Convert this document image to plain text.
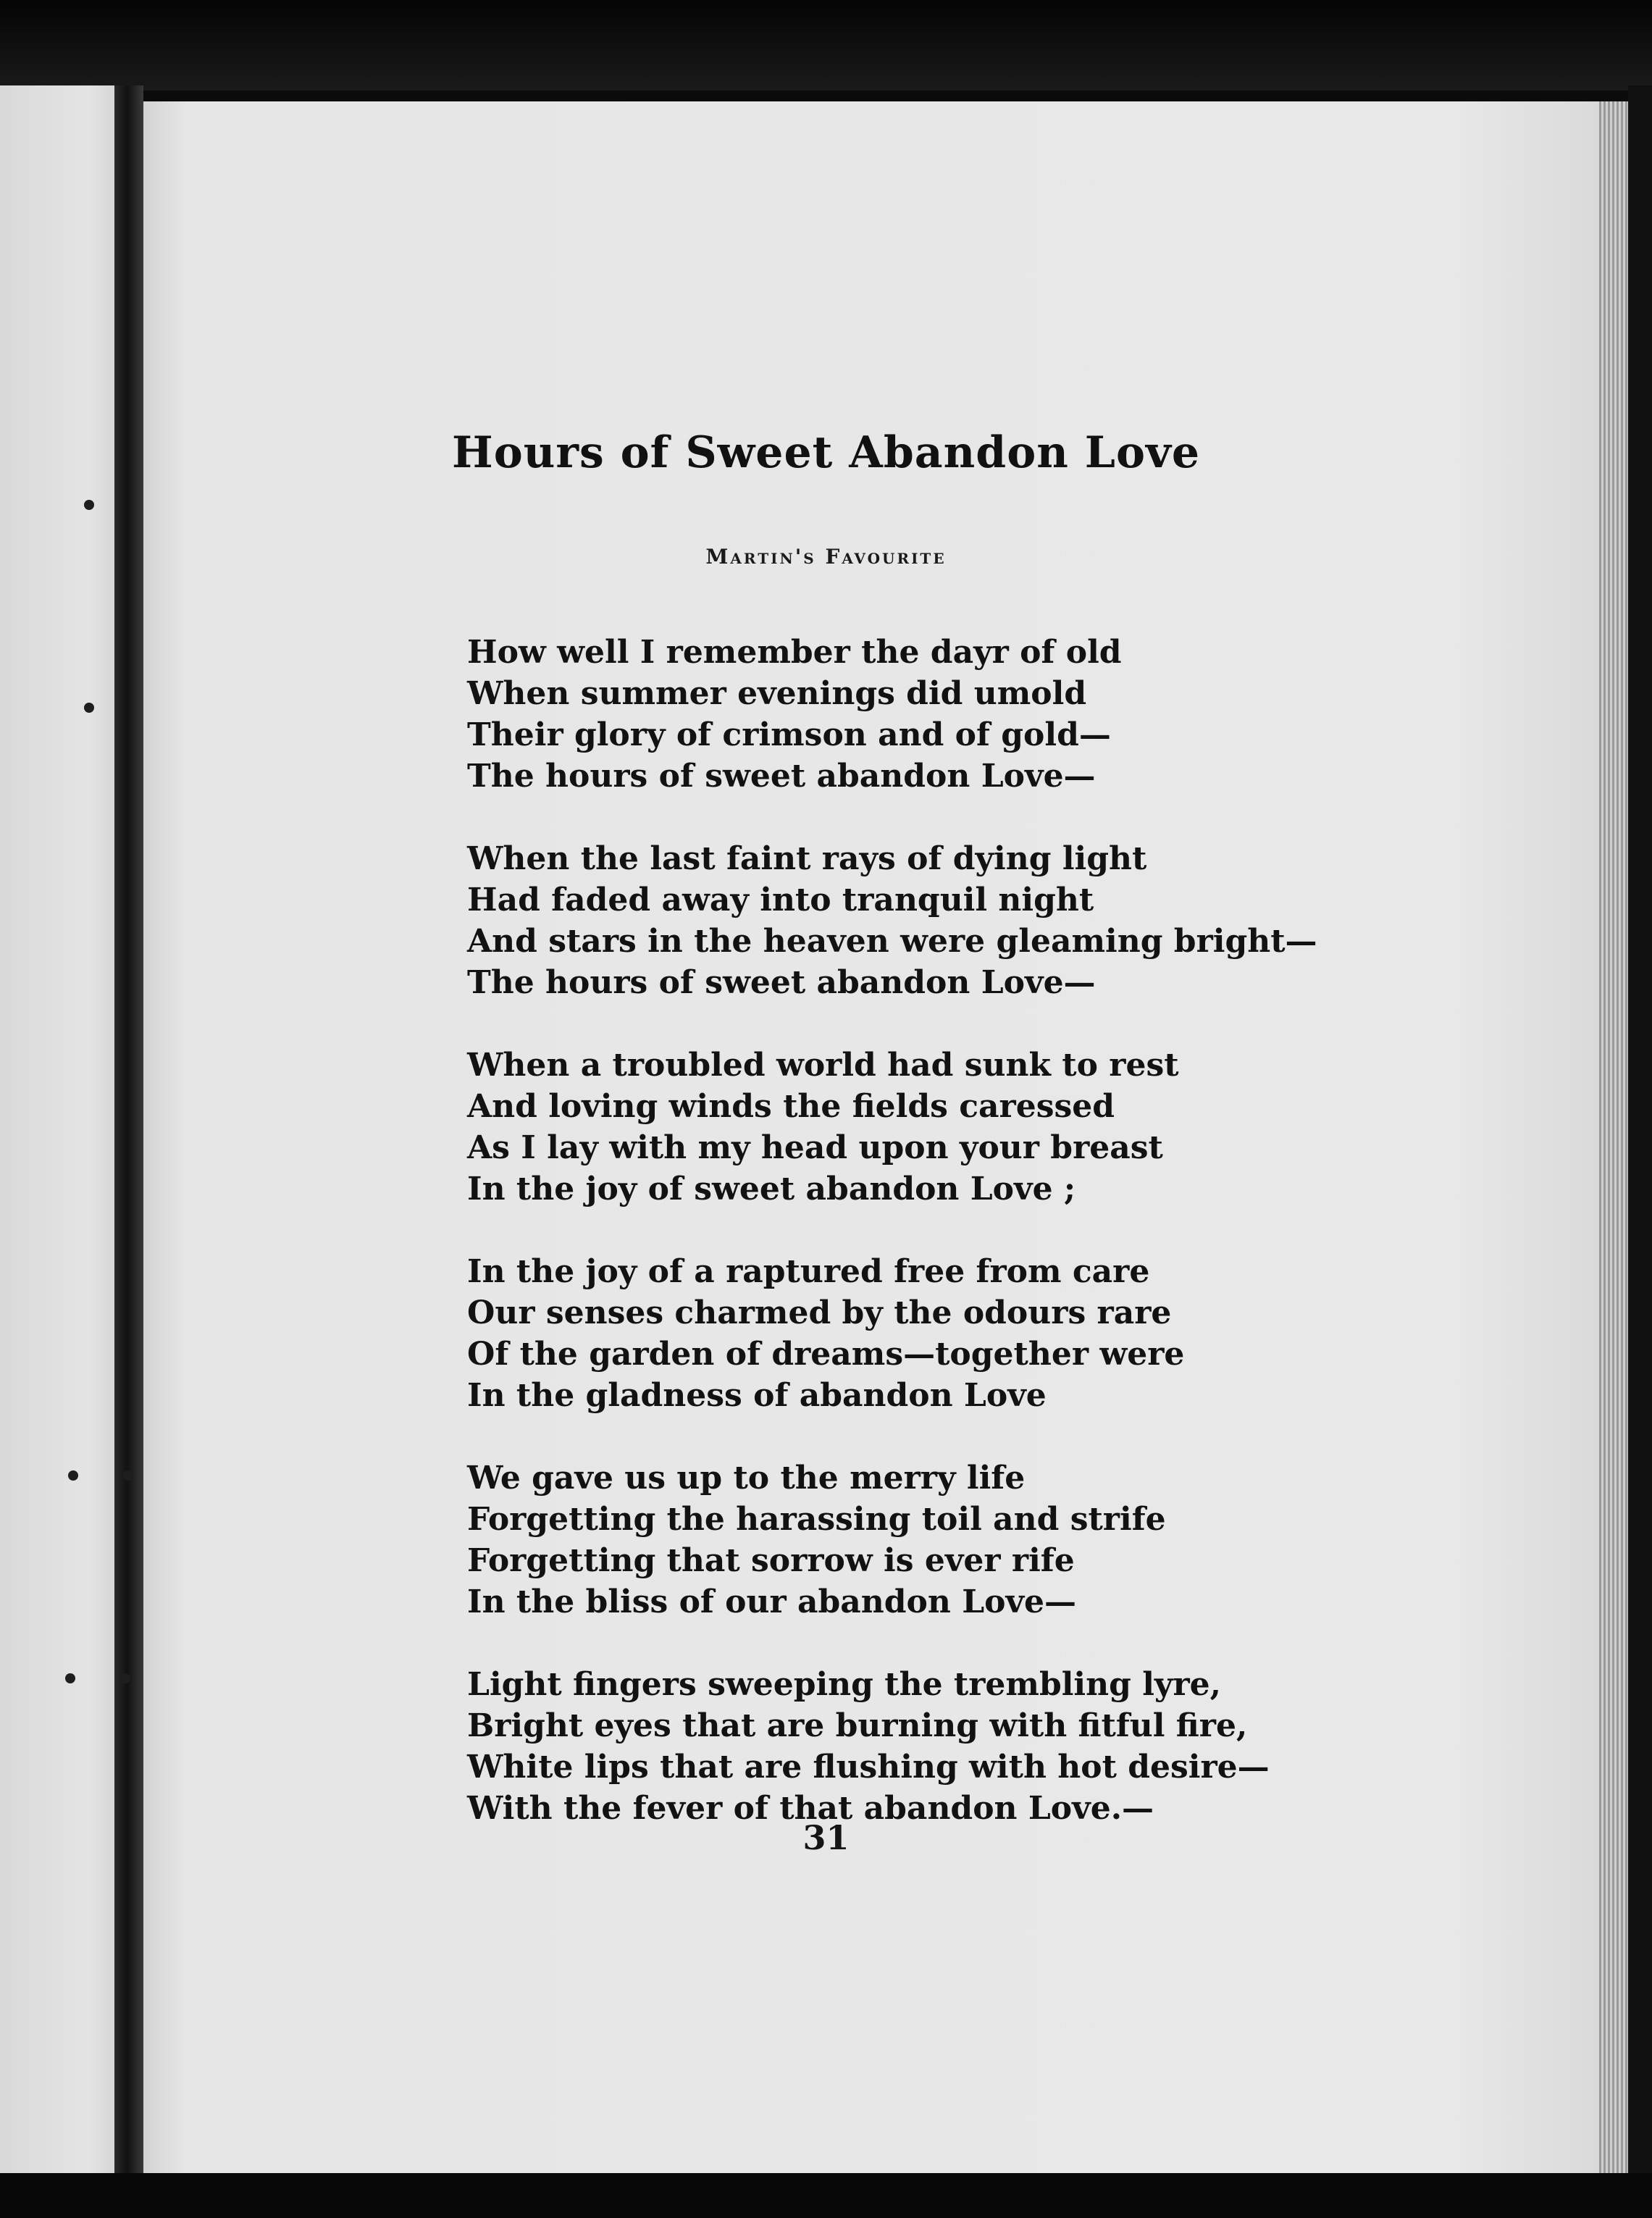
Hours of Sweet Abandon Love
Martin's Favourite
How well I remember the dayr of old
When summer evenings did umold
Their glory of crimson and of gold—
The hours of sweet abandon Love—
When the last faint rays of dying light
Had faded away into tranquil night
And stars in the heaven were gleaming bright—
The hours of sweet abandon Love—
When a troubled world had sunk to rest
And loving winds the fields caressed
As I lay with my head upon your breast
In the joy of sweet abandon Love ;
In the joy of a raptured free from care
Our senses charmed by the odours rare
Of the garden of dreams—together were
In the gladness of abandon Love
We gave us up to the merry life
Forgetting the harassing toil and strife
Forgetting that sorrow is ever rife
In the bliss of our abandon Love—
Light fingers sweeping the trembling lyre,
Bright eyes that are burning with fitful fire,
White lips that are flushing with hot desire—
With the fever of that abandon Love.—
31
